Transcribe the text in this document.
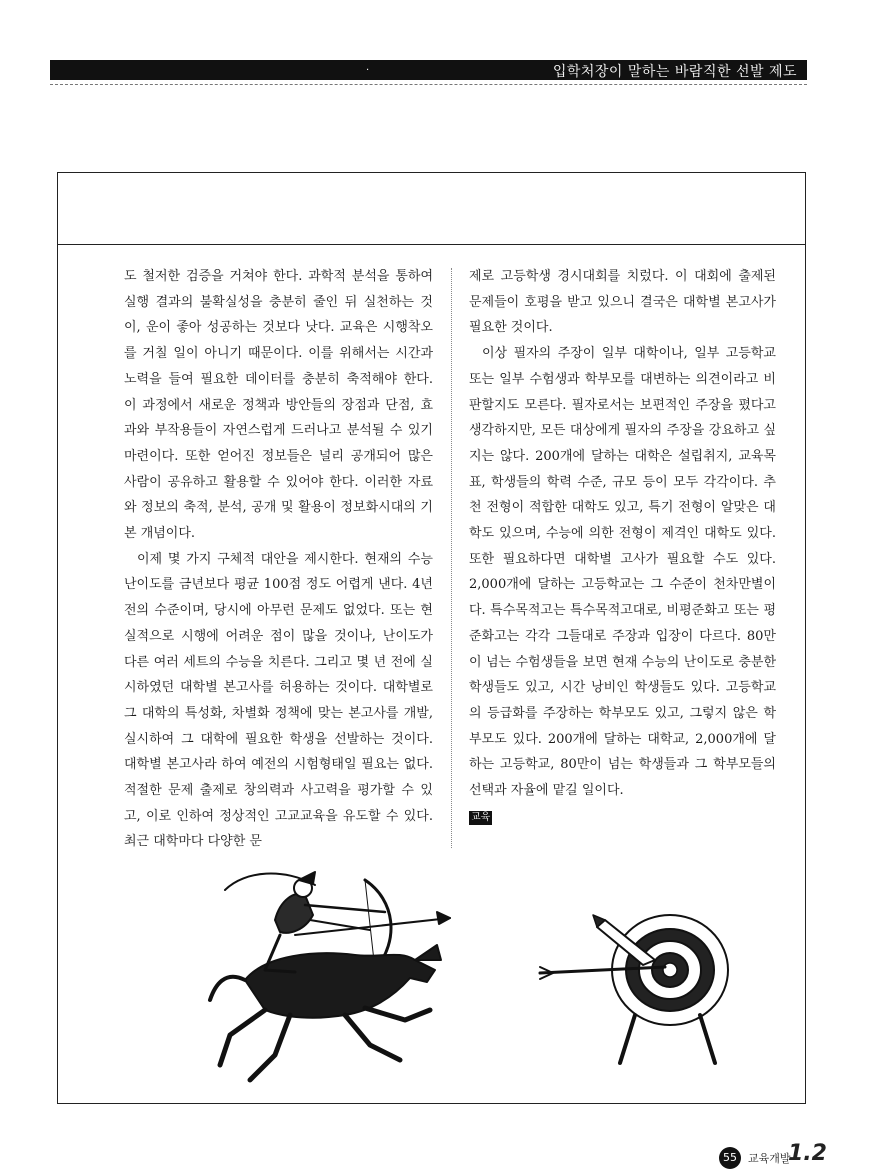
·	입학처장이 말하는 바람직한 선발 제도

도 철저한 검증을 거쳐야 한다. 과학적 분석을 통하여 실행 결과의 불확실성을 충분히 줄인 뒤 실천하는 것이, 운이 좋아 성공하는 것보다 낫다. 교육은 시행착오를 거칠 일이 아니기 때문이다. 이를 위해서는 시간과 노력을 들여 필요한 데이터를 충분히 축적해야 한다. 이 과정에서 새로운 정책과 방안들의 장점과 단점, 효과와 부작용들이 자연스럽게 드러나고 분석될 수 있기 마련이다. 또한 얻어진 정보들은 널리 공개되어 많은 사람이 공유하고 활용할 수 있어야 한다. 이러한 자료와 정보의 축적, 분석, 공개 및 활용이 정보화시대의 기본 개념이다.

이제 몇 가지 구체적 대안을 제시한다. 현재의 수능 난이도를 금년보다 평균 100점 정도 어렵게 낸다. 4년 전의 수준이며, 당시에 아무런 문제도 없었다. 또는 현실적으로 시행에 어려운 점이 많을 것이나, 난이도가 다른 여러 세트의 수능을 치른다. 그리고 몇 년 전에 실시하였던 대학별 본고사를 허용하는 것이다. 대학별로 그 대학의 특성화, 차별화 정책에 맞는 본고사를 개발, 실시하여 그 대학에 필요한 학생을 선발하는 것이다. 대학별 본고사라 하여 예전의 시험형태일 필요는 없다. 적절한 문제 출제로 창의력과 사고력을 평가할 수 있고, 이로 인하여 정상적인 고교교육을 유도할 수 있다. 최근 대학마다 다양한 문

제로 고등학생 경시대회를 치렀다. 이 대회에 출제된 문제들이 호평을 받고 있으니 결국은 대학별 본고사가 필요한 것이다.

이상 필자의 주장이 일부 대학이나, 일부 고등학교 또는 일부 수험생과 학부모를 대변하는 의견이라고 비판할지도 모른다. 필자로서는 보편적인 주장을 폈다고 생각하지만, 모든 대상에게 필자의 주장을 강요하고 싶지는 않다. 200개에 달하는 대학은 설립취지, 교육목표, 학생들의 학력 수준, 규모 등이 모두 각각이다. 추천 전형이 적합한 대학도 있고, 특기 전형이 알맞은 대학도 있으며, 수능에 의한 전형이 제격인 대학도 있다. 또한 필요하다면 대학별 고사가 필요할 수도 있다. 2,000개에 달하는 고등학교는 그 수준이 천차만별이다. 특수목적고는 특수목적고대로, 비평준화고 또는 평준화고는 각각 그들대로 주장과 입장이 다르다. 80만이 넘는 수험생들을 보면 현재 수능의 난이도로 충분한 학생들도 있고, 시간 낭비인 학생들도 있다. 고등학교의 등급화를 주장하는 학부모도 있고, 그렇지 않은 학부모도 있다. 200개에 달하는 대학교, 2,000개에 달하는 고등학교, 80만이 넘는 학생들과 그 학부모들의 선택과 자율에 맡길 일이다.

교육
55	교육개발
1.2
